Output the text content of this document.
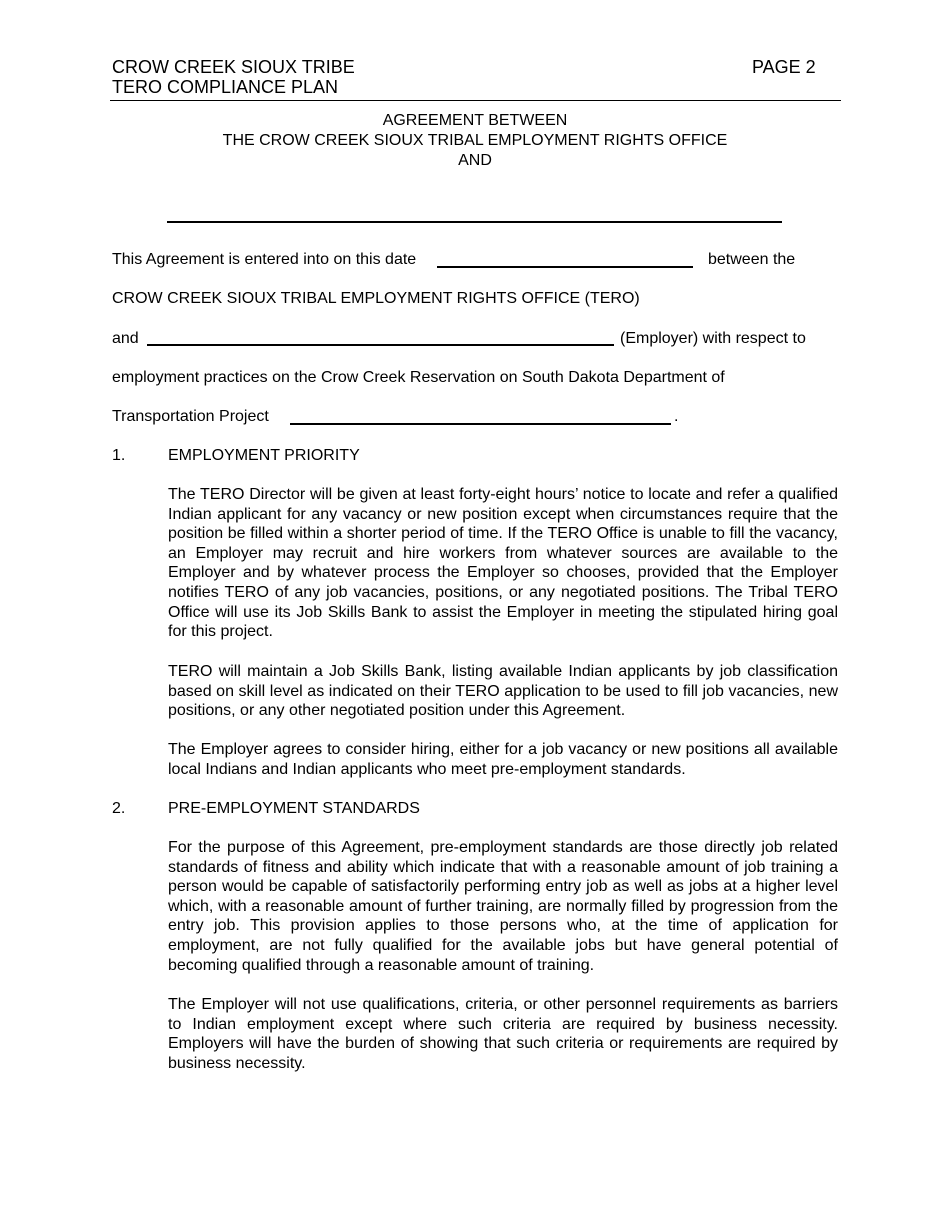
CROW CREEK SIOUX TRIBE
TERO COMPLIANCE PLAN
PAGE 2
AGREEMENT BETWEEN
THE CROW CREEK SIOUX TRIBAL EMPLOYMENT RIGHTS OFFICE
AND
This Agreement is entered into on this date	between the
CROW CREEK SIOUX TRIBAL EMPLOYMENT RIGHTS OFFICE (TERO)
and	(Employer) with respect to
employment practices on the Crow Creek Reservation on South Dakota Department of
Transportation Project	.
1.	EMPLOYMENT PRIORITY

The TERO Director will be given at least forty-eight hours’ notice to locate and refer a qualified Indian applicant for any vacancy or new position except when circumstances require that the position be filled within a shorter period of time. If the TERO Office is unable to fill the vacancy, an Employer may recruit and hire workers from whatever sources are available to the Employer and by whatever process the Employer so chooses, provided that the Employer notifies TERO of any job vacancies, positions, or any negotiated positions. The Tribal TERO Office will use its Job Skills Bank to assist the Employer in meeting the stipulated hiring goal for this project.

TERO will maintain a Job Skills Bank, listing available Indian applicants by job classification based on skill level as indicated on their TERO application to be used to fill job vacancies, new positions, or any other negotiated position under this Agreement.

The Employer agrees to consider hiring, either for a job vacancy or new positions all available local Indians and Indian applicants who meet pre-employment standards.

2.	PRE-EMPLOYMENT STANDARDS

For the purpose of this Agreement, pre-employment standards are those directly job related standards of fitness and ability which indicate that with a reasonable amount of job training a person would be capable of satisfactorily performing entry job as well as jobs at a higher level which, with a reasonable amount of further training, are normally filled by progression from the entry job. This provision applies to those persons who, at the time of application for employment, are not fully qualified for the available jobs but have general potential of becoming qualified through a reasonable amount of training.

The Employer will not use qualifications, criteria, or other personnel requirements as barriers to Indian employment except where such criteria are required by business necessity. Employers will have the burden of showing that such criteria or requirements are required by business necessity.
